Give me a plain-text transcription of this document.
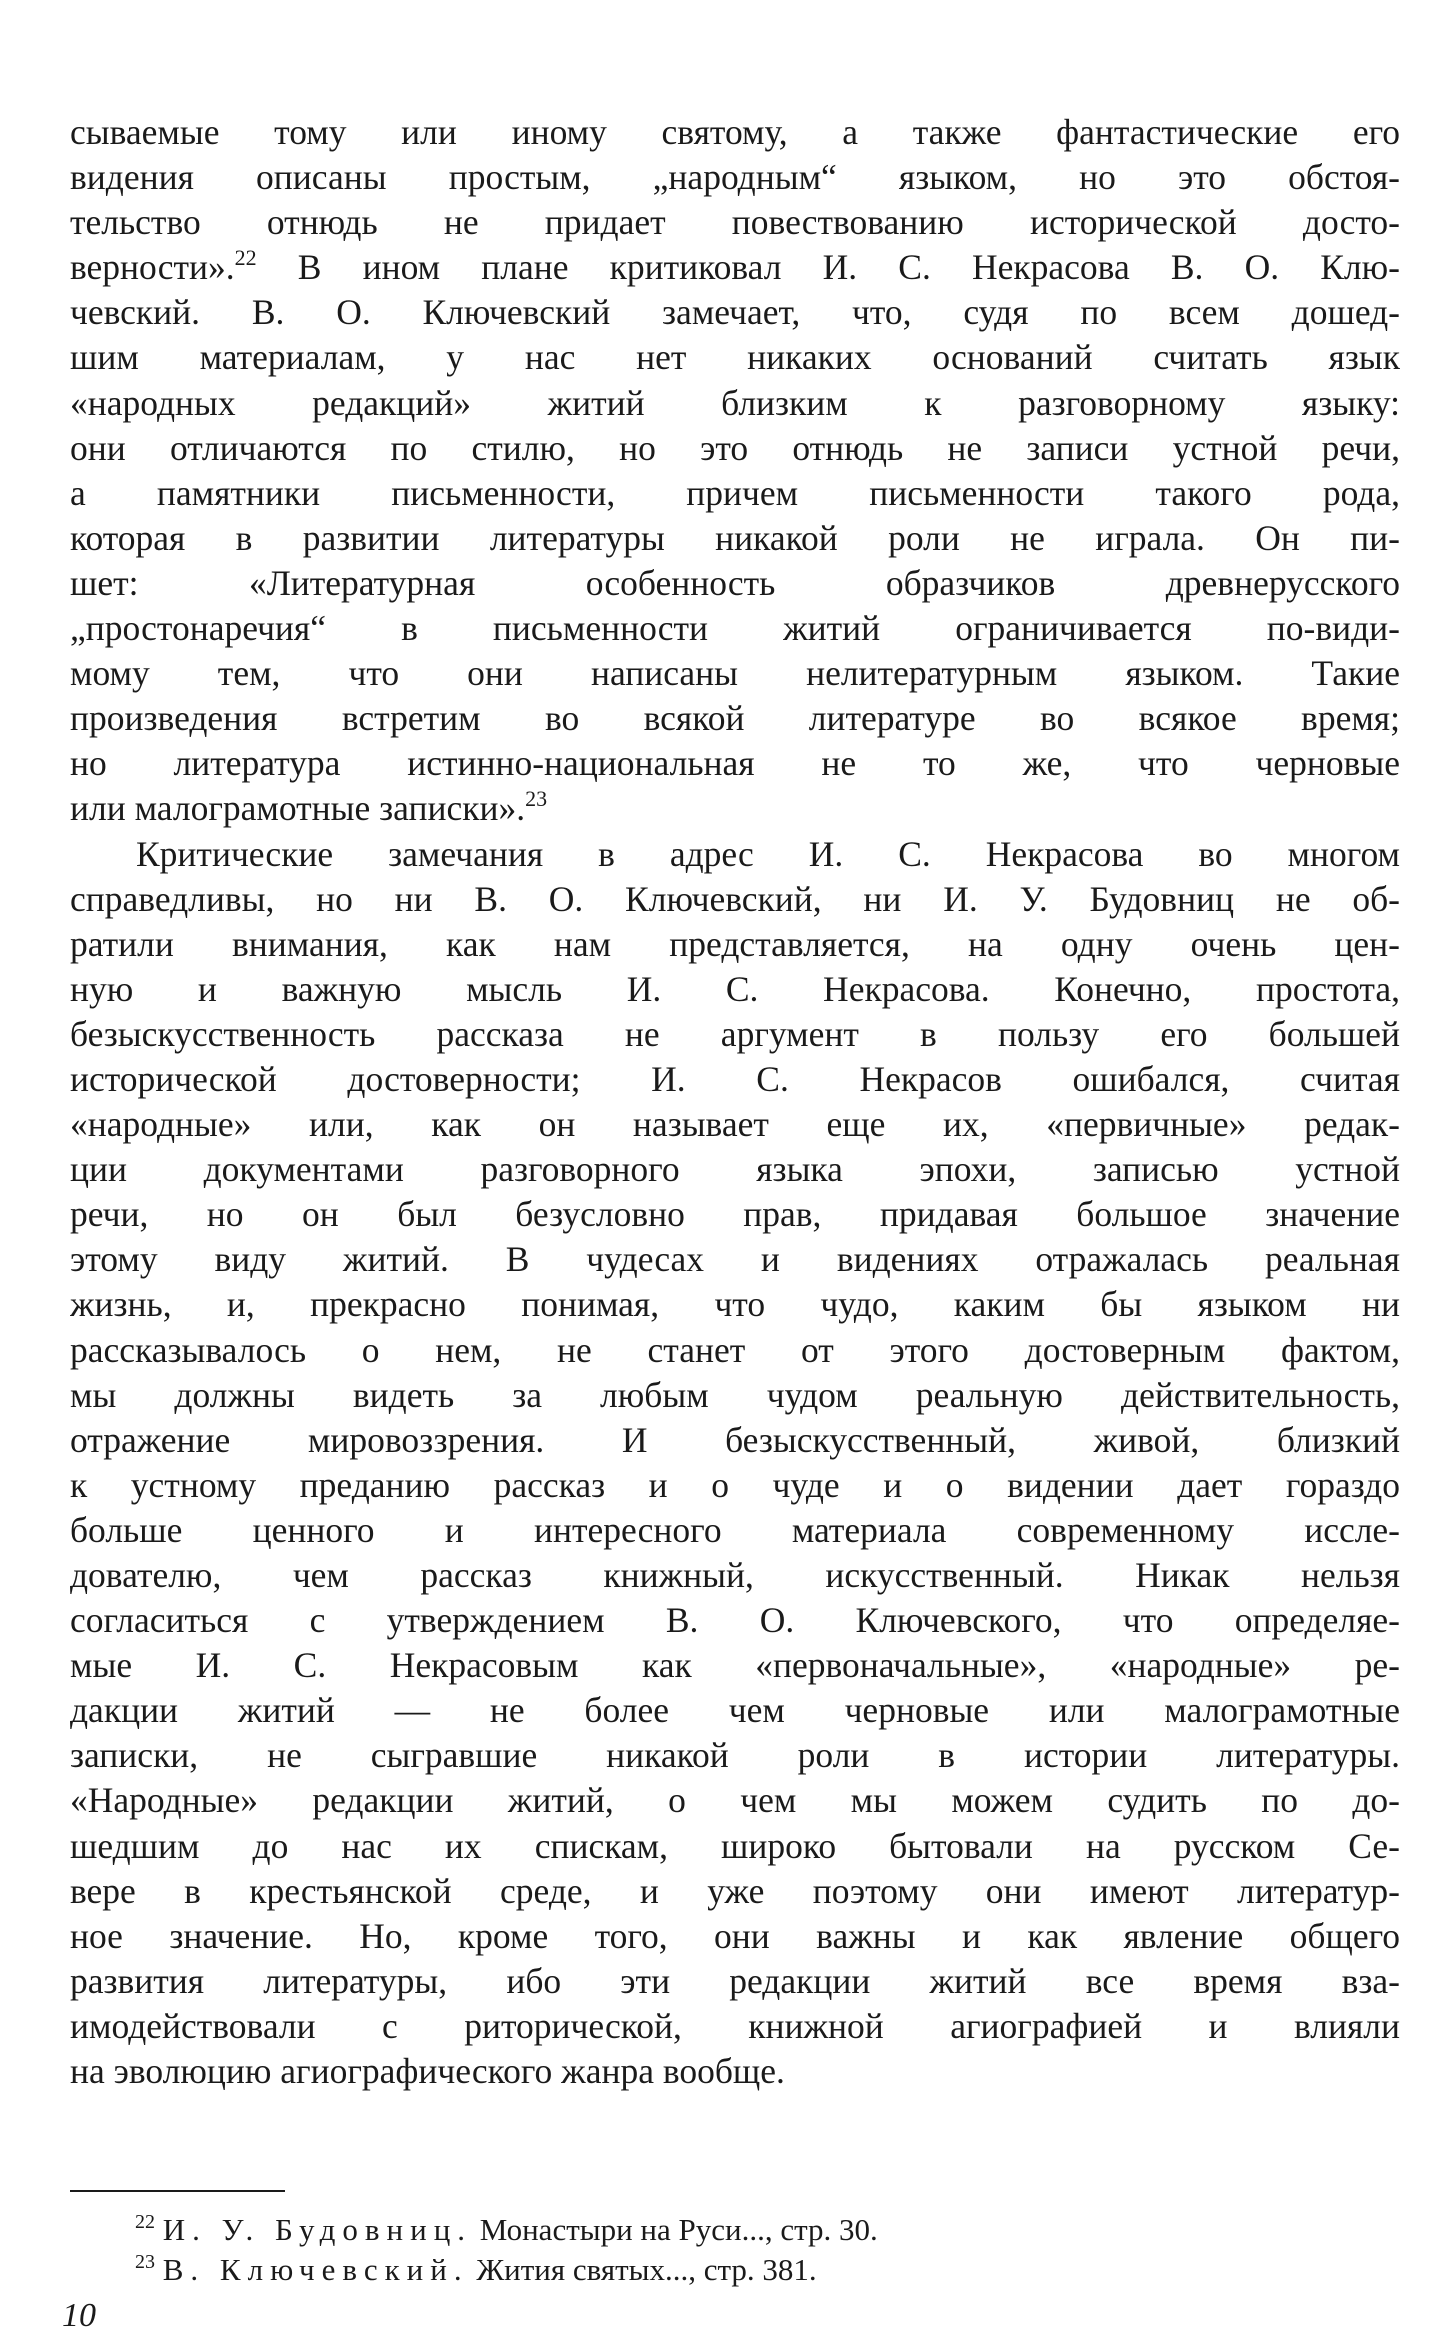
сываемые тому или иному святому, а также фантастические его
видения описаны простым, „народным“ языком, но это обстоя-
тельство отнюдь не придает повествованию исторической досто-
верности».$^{22}$ В ином плане критиковал И. С. Некрасова В. О. Клю-
чевский. В. О. Ключевский замечает, что, судя по всем дошед-
шим материалам, у нас нет никаких оснований считать язык
«народных редакций» житий близким к разговорному языку:
они отличаются по стилю, но это отнюдь не записи устной речи,
а памятники письменности, причем письменности такого рода,
которая в развитии литературы никакой роли не играла. Он пи-
шет: «Литературная особенность образчиков древнерусского
„простонаречия“ в письменности житий ограничивается по-види-
мому тем, что они написаны нелитературным языком. Такие
произведения встретим во всякой литературе во всякое время;
но литература истинно-национальная не то же, что черновые
или малограмотные записки».$^{23}$
Критические замечания в адрес И. С. Некрасова во многом
справедливы, но ни В. О. Ключевский, ни И. У. Будовниц не об-
ратили внимания, как нам представляется, на одну очень цен-
ную и важную мысль И. С. Некрасова. Конечно, простота,
безыскусственность рассказа не аргумент в пользу его большей
исторической достоверности; И. С. Некрасов ошибался, считая
«народные» или, как он называет еще их, «первичные» редак-
ции документами разговорного языка эпохи, записью устной
речи, но он был безусловно прав, придавая большое значение
этому виду житий. В чудесах и видениях отражалась реальная
жизнь, и, прекрасно понимая, что чудо, каким бы языком ни
рассказывалось о нем, не станет от этого достоверным фактом,
мы должны видеть за любым чудом реальную действительность,
отражение мировоззрения. И безыскусственный, живой, близкий
к устному преданию рассказ и о чуде и о видении дает гораздо
больше ценного и интересного материала современному иссле-
дователю, чем рассказ книжный, искусственный. Никак нельзя
согласиться с утверждением В. О. Ключевского, что определяе-
мые И. С. Некрасовым как «первоначальные», «народные» ре-
дакции житий — не более чем черновые или малограмотные
записки, не сыгравшие никакой роли в истории литературы.
«Народные» редакции житий, о чем мы можем судить по до-
шедшим до нас их спискам, широко бытовали на русском Се-
вере в крестьянской среде, и уже поэтому они имеют литератур-
ное значение. Но, кроме того, они важны и как явление общего
развития литературы, ибо эти редакции житий все время вза-
имодействовали с риторической, книжной агиографией и влияли
на эволюцию агиографического жанра вообще.
$^{22}$ И. У. Будовниц. Монастыри на Руси..., стр. 30.
$^{23}$ В. Ключевский. Жития святых..., стр. 381.
10
